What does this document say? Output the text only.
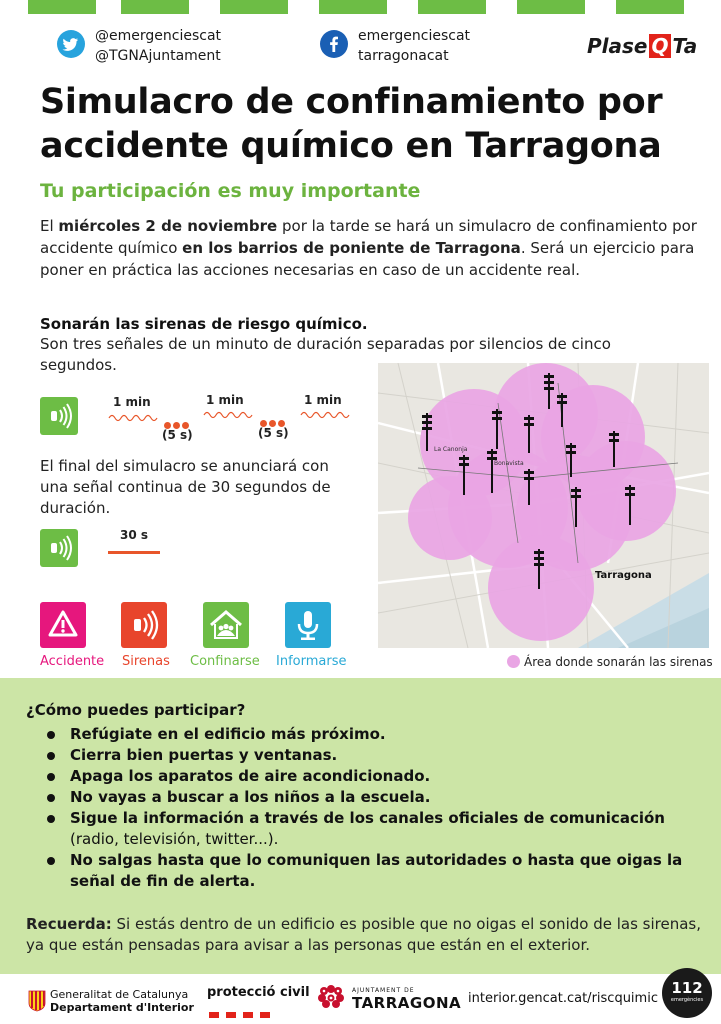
@emergenciescat
@TGNAjuntament
emergenciescat
tarragonacat	Plase Q Ta
Simulacro de confinamiento por accidente químico en Tarragona
Tu participación es muy importante

El miércoles 2 de noviembre por la tarde se hará un simulacro de confinamiento por accidente químico en los barrios de poniente de Tarragona. Será un ejercicio para poner en práctica las acciones necesarias en caso de un accidente real.

Sonarán las sirenas de riesgo químico.

Son tres señales de un minuto de duración separadas por silencios de cinco segundos.

1 min	1 min	1 min
(5 s)	(5 s)

El final del simulacro se anunciará con una señal continua de 30 segundos de duración.

30 s
Accidente Sirenas Confinarse Informarse
La Canonja
Bonavista
Tarragona
Área donde sonarán las sirenas
¿Cómo puedes participar?
Refúgiate en el edificio más próximo.
Cierra bien puertas y ventanas.
Apaga los aparatos de aire acondicionado.
No vayas a buscar a los niños a la escuela.
Sigue la información a través de los canales oficiales de comunicación
(radio, televisión, twitter...).
No salgas hasta que lo comuniquen las autoridades o hasta que oigas la señal de fin de alerta.

Recuerda: Si estás dentro de un edificio es posible que no oigas el sonido de las sirenas, ya que están pensadas para avisar a las personas que están en el exterior.

Generalitat de Catalunya
Departament d'Interior
protecció civil	AJUNTAMENT DE
TARRAGONA interior.gencat.cat/riscquimic
112
emergències
